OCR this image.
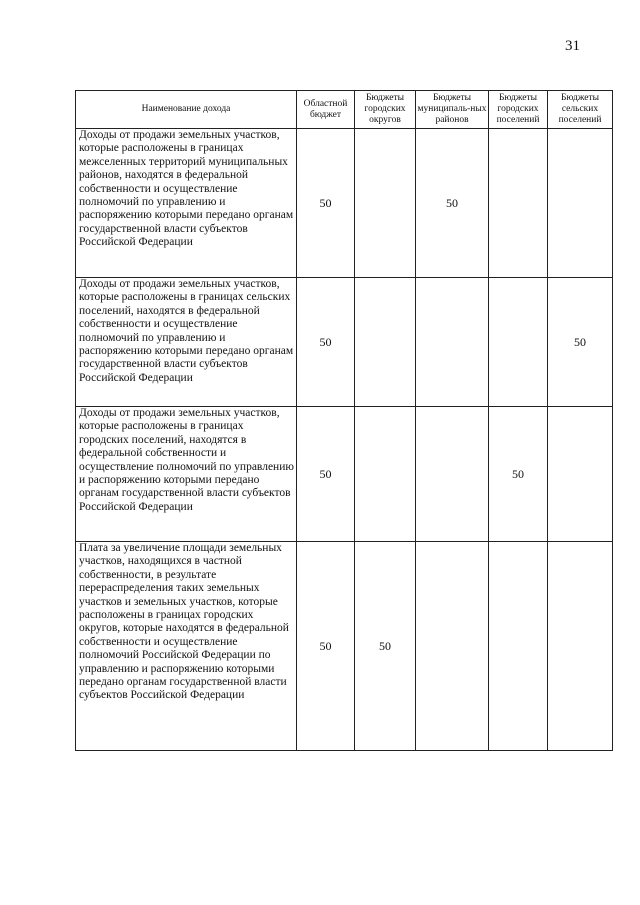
31
Наименование дохода	Областной бюджет	Бюджеты городских округов	Бюджеты муниципаль-ных районов	Бюджеты городских поселений	Бюджеты сельских поселений
Доходы от продажи земельных участков, которые расположены в границах межселенных территорий муниципальных районов, находятся в федеральной собственности и осуществление полномочий по управлению и распоряжению которыми передано органам государственной власти субъектов Российской Федерации	50		50		
Доходы от продажи земельных участков, которые расположены в границах сельских поселений, находятся в федеральной собственности и осуществление полномочий по управлению и распоряжению которыми передано органам государственной власти субъектов Российской Федерации	50				50
Доходы от продажи земельных участков, которые расположены в границах городских поселений, находятся в федеральной собственности и осуществление полномочий по управлению и распоряжению которыми передано органам государственной власти субъектов Российской Федерации	50			50	
Плата за увеличение площади земельных участков, находящихся в частной собственности, в результате перераспределения таких земельных участков и земельных участков, которые расположены в границах городских округов, которые находятся в федеральной собственности и осуществление полномочий Российской Федерации по управлению и распоряжению которыми передано органам государственной власти субъектов Российской Федерации	50	50			
